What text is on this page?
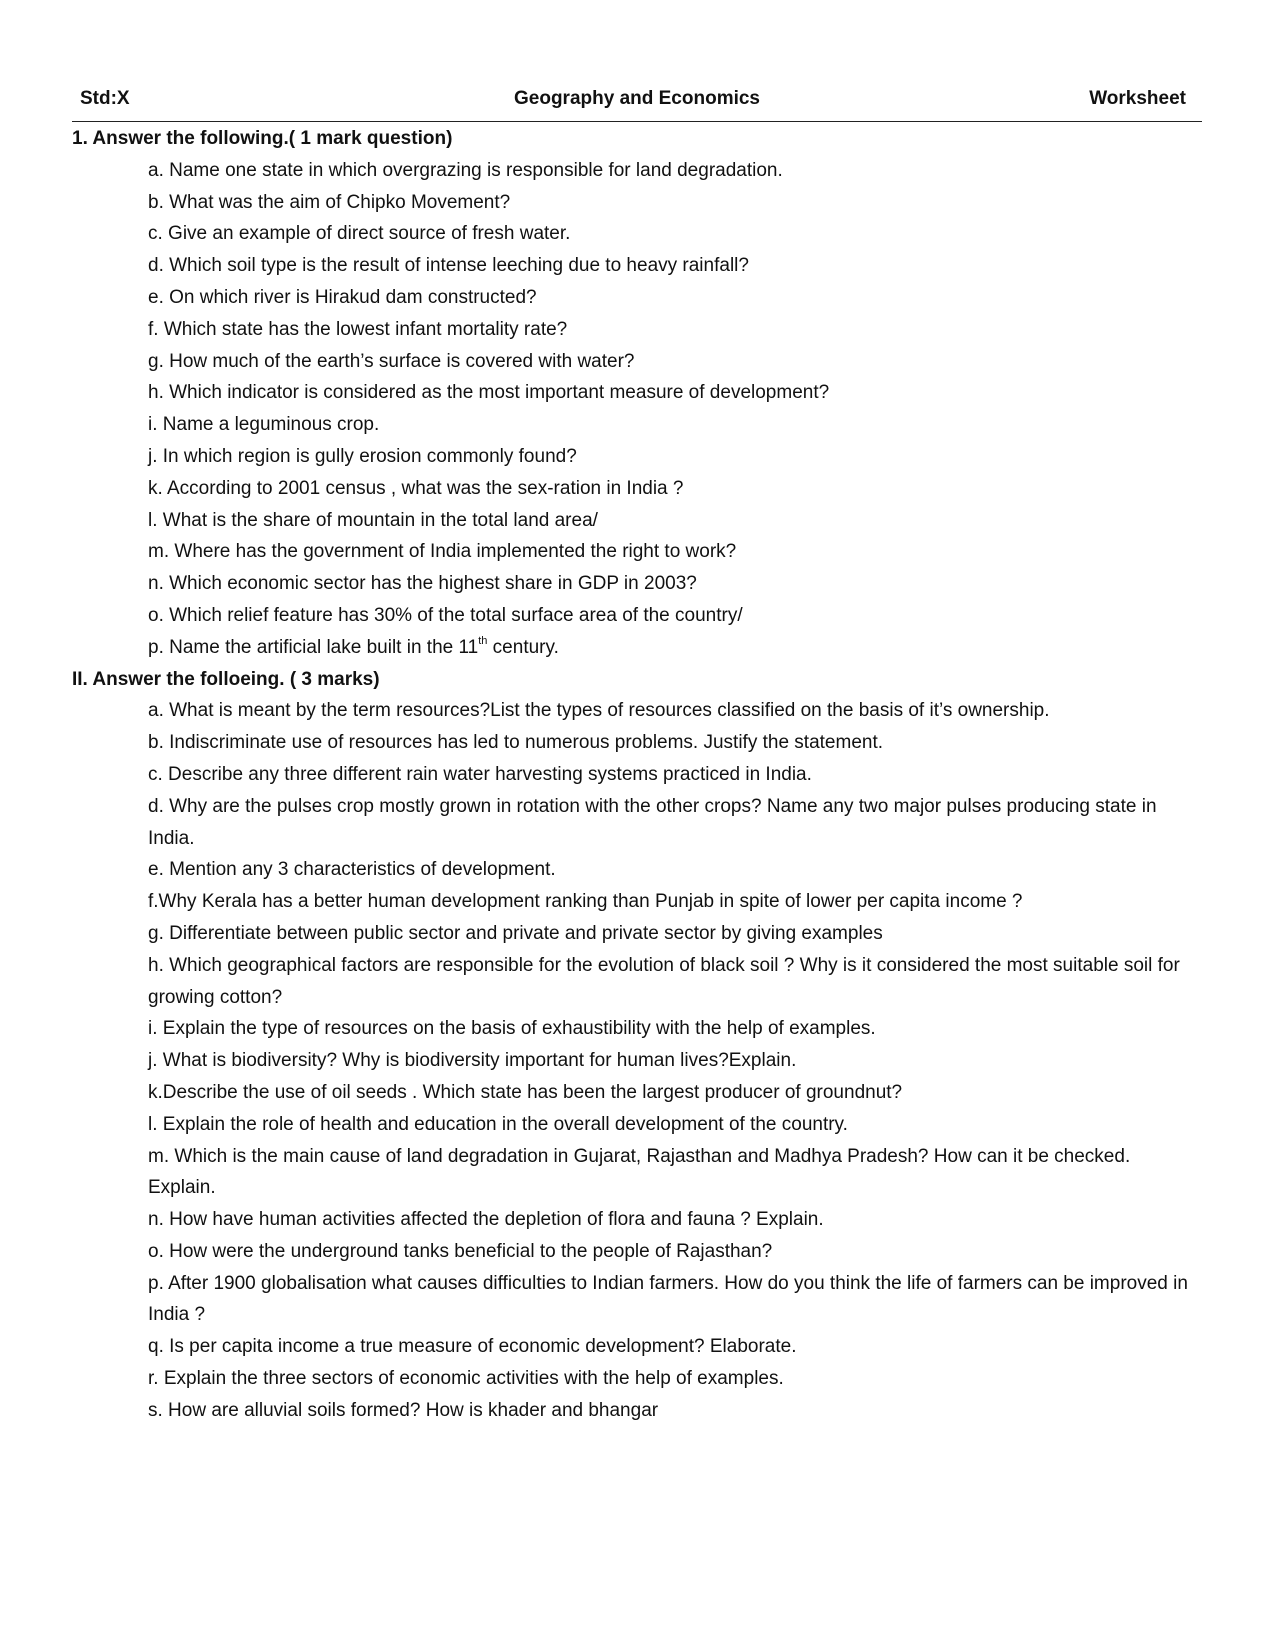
Std:X	Geography and Economics	Worksheet
1. Answer the following.( 1 mark question)
a. Name one state in which overgrazing is responsible for land degradation.
b. What was the aim of Chipko Movement?
c. Give an example of direct source of fresh water.
d. Which soil type is the result of intense leeching due to heavy rainfall?
e. On which river is Hirakud dam constructed?
f. Which state has the lowest infant mortality rate?
g. How much of the earth’s surface is covered with water?
h. Which indicator is considered as the most important measure of development?
i. Name a leguminous crop.
j. In which region is gully erosion commonly found?
k. According to 2001 census , what was the sex-ration in India ?
l. What is the share of mountain in the total land area/
m. Where has the government of India implemented the right to work?
n. Which economic sector has the highest share in GDP in 2003?
o. Which relief feature has 30% of the total surface area of the country/
p. Name the artificial lake built in the 11th century.
II. Answer the folloeing. ( 3 marks)
a. What is meant by the term resources?List the types of resources classified on the basis of it’s ownership.
b. Indiscriminate use of resources has led to numerous problems. Justify the statement.
c. Describe any three different rain water harvesting systems practiced in India.
d. Why are the pulses crop mostly grown in rotation with the other crops? Name any two major pulses producing state in India.
e. Mention any 3 characteristics of development.
f.Why Kerala has a better human development ranking than Punjab in spite of lower per capita income ?
g. Differentiate between public sector and private and private sector by giving examples
h. Which geographical factors are responsible for the evolution of black soil ? Why is it considered the most suitable soil for growing cotton?
i. Explain the type of resources on the basis of exhaustibility with the help of examples.
j. What is biodiversity? Why is biodiversity important for human lives?Explain.
k.Describe the use of oil seeds . Which state has been the largest producer of groundnut?
l. Explain the role of health and education in the overall development of the country.
m. Which is the main cause of land degradation in Gujarat, Rajasthan and Madhya Pradesh? How can it be checked. Explain.
n. How have human activities affected the depletion of flora and fauna ? Explain.
o. How were the underground tanks beneficial to the people of Rajasthan?
p. After 1900 globalisation what causes difficulties to Indian farmers. How do you think the life of farmers can be improved in India ?
q. Is per capita income a true measure of economic development? Elaborate.
r. Explain the three sectors of economic activities with the help of examples.
s. How are alluvial soils formed? How is khader and bhangar
